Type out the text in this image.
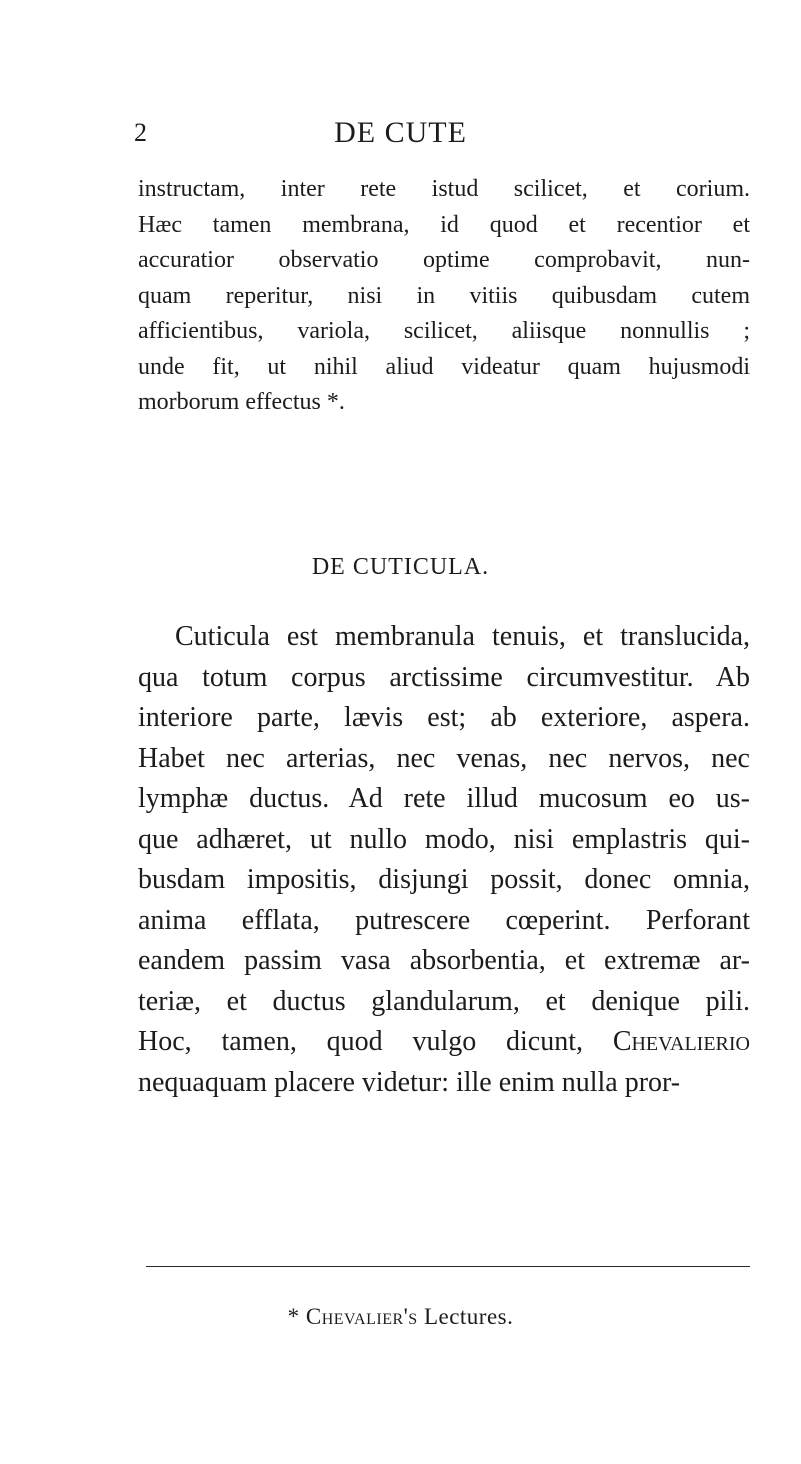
2	DE CUTE
instructam, inter rete istud scilicet, et corium.
Hæc tamen membrana, id quod et recentior et
accuratior observatio optime comprobavit, nun-
quam reperitur, nisi in vitiis quibusdam cutem
afficientibus, variola, scilicet, aliisque nonnullis ;
unde fit, ut nihil aliud videatur quam hujusmodi
morborum effectus *.
DE CUTICULA.
Cuticula est membranula tenuis, et translucida,
qua totum corpus arctissime circumvestitur. Ab
interiore parte, lævis est; ab exteriore, aspera.
Habet nec arterias, nec venas, nec nervos, nec
lymphæ ductus. Ad rete illud mucosum eo us-
que adhæret, ut nullo modo, nisi emplastris qui-
busdam impositis, disjungi possit, donec omnia,
anima efflata, putrescere cœperint. Perforant
eandem passim vasa absorbentia, et extremæ ar-
teriæ, et ductus glandularum, et denique pili.
Hoc, tamen, quod vulgo dicunt, Chevalierio
nequaquam placere videtur: ille enim nulla pror-
* Chevalier's Lectures.
